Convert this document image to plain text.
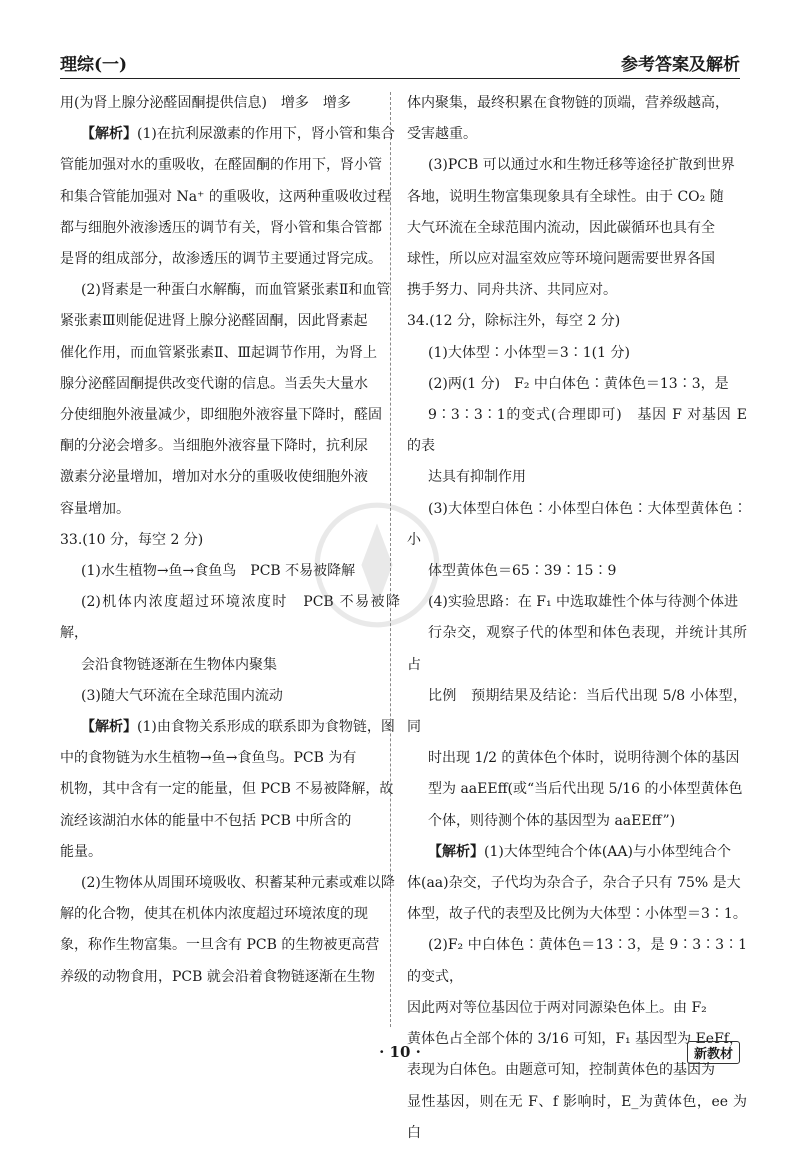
理综(一)	参考答案及解析

用(为肾上腺分泌醛固酮提供信息)　增多　增多

【解析】(1)在抗利尿激素的作用下，肾小管和集合

管能加强对水的重吸收，在醛固酮的作用下，肾小管

和集合管能加强对 Na⁺ 的重吸收，这两种重吸收过程

都与细胞外液渗透压的调节有关，肾小管和集合管都

是肾的组成部分，故渗透压的调节主要通过肾完成。

(2)肾素是一种蛋白水解酶，而血管紧张素Ⅱ和血管

紧张素Ⅲ则能促进肾上腺分泌醛固酮，因此肾素起

催化作用，而血管紧张素Ⅱ、Ⅲ起调节作用，为肾上

腺分泌醛固酮提供改变代谢的信息。当丢失大量水

分使细胞外液量减少，即细胞外液容量下降时，醛固

酮的分泌会增多。当细胞外液容量下降时，抗利尿

激素分泌量增加，增加对水分的重吸收使细胞外液

容量增加。

33.(10 分，每空 2 分)

(1)水生植物→鱼→食鱼鸟　PCB 不易被降解

(2)机体内浓度超过环境浓度时　PCB 不易被降解，

会沿食物链逐渐在生物体内聚集

(3)随大气环流在全球范围内流动

【解析】(1)由食物关系形成的联系即为食物链，图

中的食物链为水生植物→鱼→食鱼鸟。PCB 为有

机物，其中含有一定的能量，但 PCB 不易被降解，故

流经该湖泊水体的能量中不包括 PCB 中所含的

能量。

(2)生物体从周围环境吸收、积蓄某种元素或难以降

解的化合物，使其在机体内浓度超过环境浓度的现

象，称作生物富集。一旦含有 PCB 的生物被更高营

养级的动物食用，PCB 就会沿着食物链逐渐在生物

体内聚集，最终积累在食物链的顶端，营养级越高，

受害越重。

(3)PCB 可以通过水和生物迁移等途径扩散到世界

各地，说明生物富集现象具有全球性。由于 CO₂ 随

大气环流在全球范围内流动，因此碳循环也具有全

球性，所以应对温室效应等环境问题需要世界各国

携手努力、同舟共济、共同应对。

34.(12 分，除标注外，每空 2 分)

(1)大体型∶小体型＝3∶1(1 分)

(2)两(1 分)　F₂ 中白体色∶黄体色＝13∶3，是

9∶3∶3∶1的变式(合理即可)　基因 F 对基因 E 的表

达具有抑制作用

(3)大体型白体色∶小体型白体色∶大体型黄体色∶小

体型黄体色＝65∶39∶15∶9

(4)实验思路：在 F₁ 中选取雄性个体与待测个体进

行杂交，观察子代的体型和体色表现，并统计其所占

比例　预期结果及结论：当后代出现 5/8 小体型，同

时出现 1/2 的黄体色个体时，说明待测个体的基因

型为 aaEEff(或“当后代出现 5/16 的小体型黄体色

个体，则待测个体的基因型为 aaEEff”)

【解析】(1)大体型纯合个体(AA)与小体型纯合个

体(aa)杂交，子代均为杂合子，杂合子只有 75% 是大

体型，故子代的表型及比例为大体型∶小体型＝3∶1。

(2)F₂ 中白体色∶黄体色＝13∶3，是 9∶3∶3∶1 的变式，

因此两对等位基因位于两对同源染色体上。由 F₂

黄体色占全部个体的 3/16 可知，F₁ 基因型为 EeFf，

表现为白体色。由题意可知，控制黄体色的基因为

显性基因，则在无 F、f 影响时，E_为黄体色，ee 为白

· 10 ·	新教材
